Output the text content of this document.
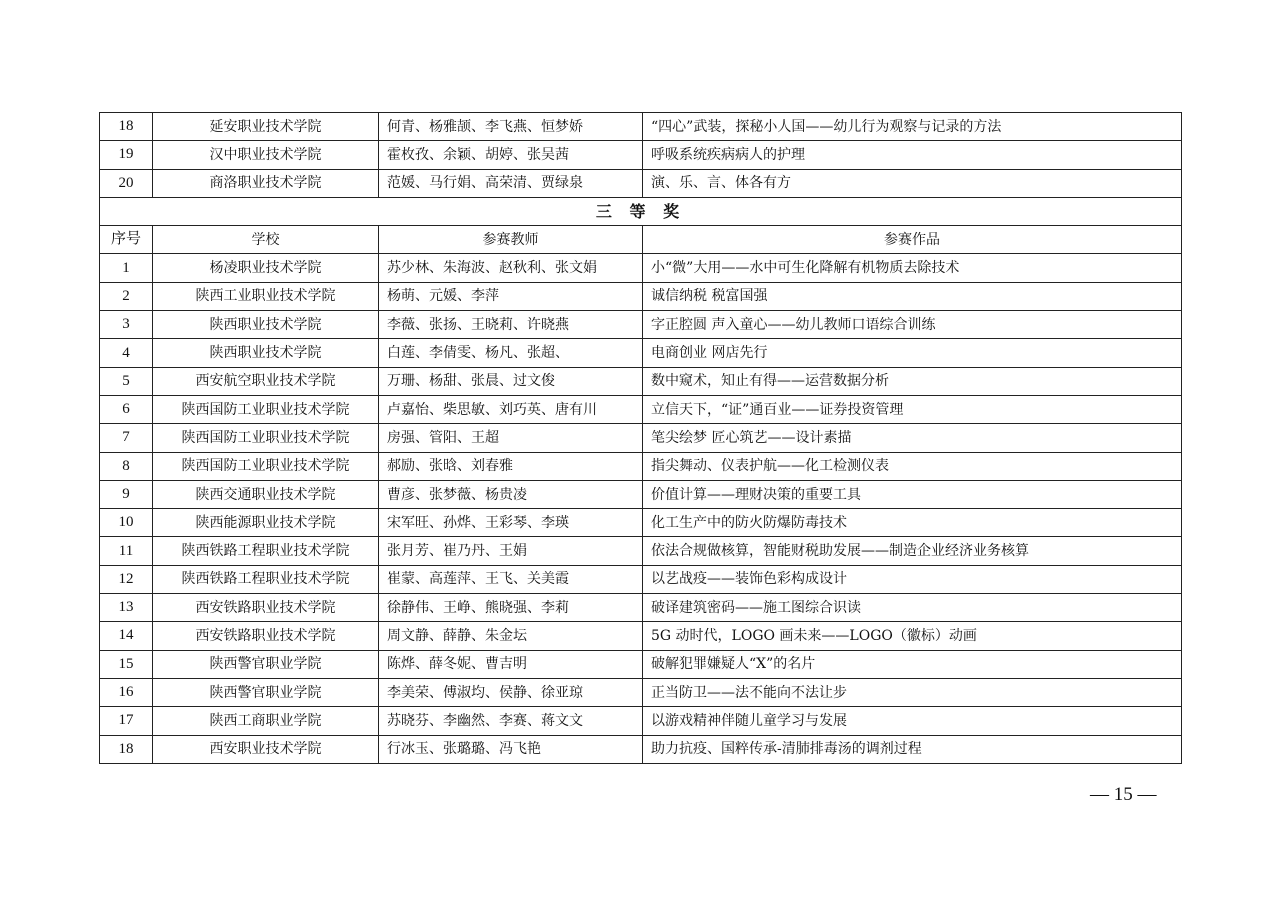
18	延安职业技术学院	何青、杨雅颉、李飞燕、恒梦娇	“四心”武装，探秘小人国——幼儿行为观察与记录的方法
19	汉中职业技术学院	霍枚孜、余颖、胡婷、张吴茜	呼吸系统疾病病人的护理
20	商洛职业技术学院	范媛、马行娟、高荣清、贾绿泉	演、乐、言、体各有方
三 等 奖			
序号	学校	参赛教师	参赛作品
1	杨凌职业技术学院	苏少林、朱海波、赵秋利、张文娟	小“微”大用——水中可生化降解有机物质去除技术
2	陕西工业职业技术学院	杨萌、元媛、李萍	诚信纳税 税富国强
3	陕西职业技术学院	李薇、张扬、王晓莉、许晓燕	字正腔圆 声入童心——幼儿教师口语综合训练
4	陕西职业技术学院	白莲、李倩雯、杨凡、张超、	电商创业 网店先行
5	西安航空职业技术学院	万珊、杨甜、张晨、过文俊	数中窥术，知止有得——运营数据分析
6	陕西国防工业职业技术学院	卢嘉怡、柴思敏、刘巧英、唐有川	立信天下，“证”通百业——证券投资管理
7	陕西国防工业职业技术学院	房强、管阳、王超	笔尖绘梦 匠心筑艺——设计素描
8	陕西国防工业职业技术学院	郝励、张晗、刘春雅	指尖舞动、仪表护航——化工检测仪表
9	陕西交通职业技术学院	曹彦、张梦薇、杨贵凌	价值计算——理财决策的重要工具
10	陕西能源职业技术学院	宋军旺、孙烨、王彩琴、李瑛	化工生产中的防火防爆防毒技术
11	陕西铁路工程职业技术学院	张月芳、崔乃丹、王娟	依法合规做核算，智能财税助发展——制造企业经济业务核算
12	陕西铁路工程职业技术学院	崔蒙、高莲萍、王飞、关美霞	以艺战疫——装饰色彩构成设计
13	西安铁路职业技术学院	徐静伟、王峥、熊晓强、李莉	破译建筑密码——施工图综合识读
14	西安铁路职业技术学院	周文静、薛静、朱金坛	5G 动时代，LOGO 画未来——LOGO（徽标）动画
15	陕西警官职业学院	陈烨、薛冬妮、曹吉明	破解犯罪嫌疑人“X”的名片
16	陕西警官职业学院	李美荣、傅淑均、侯静、徐亚琼	正当防卫——法不能向不法让步
17	陕西工商职业学院	苏晓芬、李幽然、李赛、蒋文文	以游戏精神伴随儿童学习与发展
18	西安职业技术学院	行冰玉、张璐璐、冯飞艳	助力抗疫、国粹传承-清肺排毒汤的调剂过程
— 15 —
